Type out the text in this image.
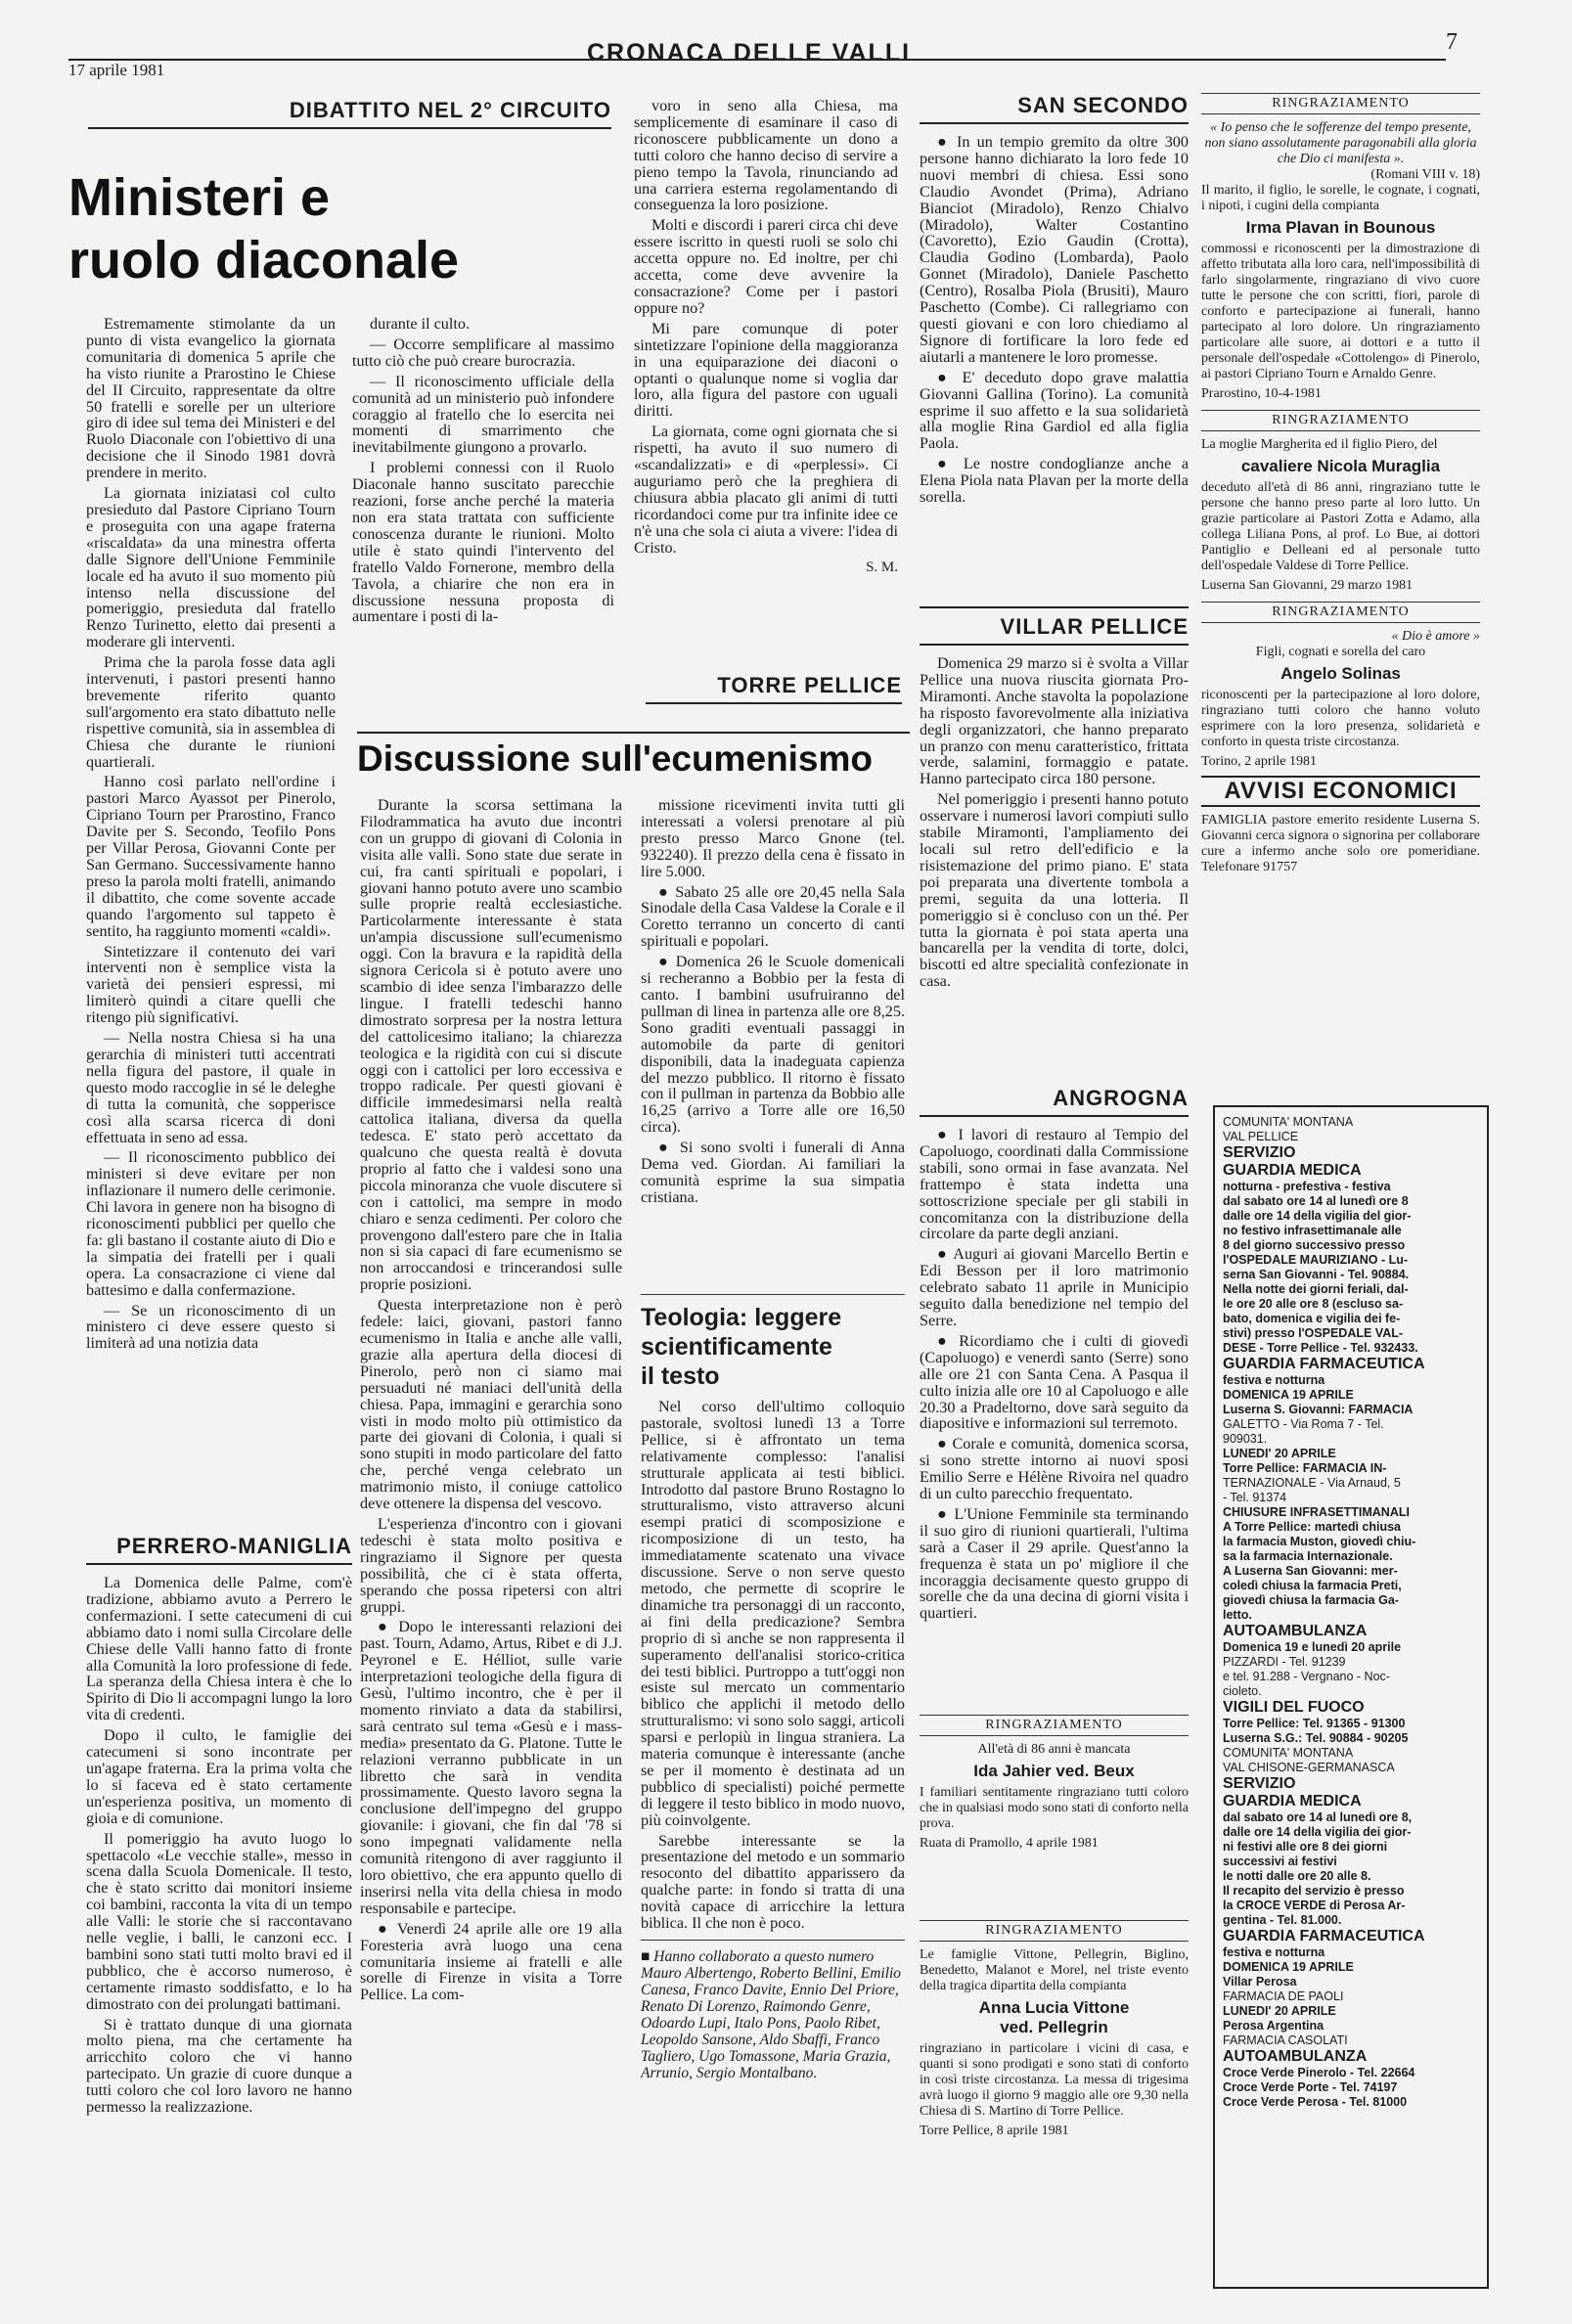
17 aprile 1981
CRONACA DELLE VALLI	7
DIBATTITO NEL 2° CIRCUITO
Ministeri e
ruolo diaconale

Estremamente stimolante da un punto di vista evangelico la giornata comunitaria di domenica 5 aprile che ha visto riunite a Prarostino le Chiese del II Circuito, rappresentate da oltre 50 fratelli e sorelle per un ulteriore giro di idee sul tema dei Ministeri e del Ruolo Diaconale con l'obiettivo di una decisione che il Sinodo 1981 dovrà prendere in merito.

La giornata iniziatasi col culto presieduto dal Pastore Cipriano Tourn e proseguita con una agape fraterna «riscaldata» da una minestra offerta dalle Signore dell'Unione Femminile locale ed ha avuto il suo momento più intenso nella discussione del pomeriggio, presieduta dal fratello Renzo Turinetto, eletto dai presenti a moderare gli interventi.

Prima che la parola fosse data agli intervenuti, i pastori presenti hanno brevemente riferito quanto sull'argomento era stato dibattuto nelle rispettive comunità, sia in assemblea di Chiesa che durante le riunioni quartierali.

Hanno così parlato nell'ordine i pastori Marco Ayassot per Pinerolo, Cipriano Tourn per Prarostino, Franco Davite per S. Secondo, Teofilo Pons per Villar Perosa, Giovanni Conte per San Germano. Successivamente hanno preso la parola molti fratelli, animando il dibattito, che come sovente accade quando l'argomento sul tappeto è sentito, ha raggiunto momenti «caldi».

Sintetizzare il contenuto dei vari interventi non è semplice vista la varietà dei pensieri espressi, mi limiterò quindi a citare quelli che ritengo più significativi.

— Nella nostra Chiesa si ha una gerarchia di ministeri tutti accentrati nella figura del pastore, il quale in questo modo raccoglie in sé le deleghe di tutta la comunità, che sopperisce così alla scarsa ricerca di doni effettuata in seno ad essa.

— Il riconoscimento pubblico dei ministeri si deve evitare per non inflazionare il numero delle cerimonie. Chi lavora in genere non ha bisogno di riconoscimenti pubblici per quello che fa: gli bastano il costante aiuto di Dio e la simpatia dei fratelli per i quali opera. La consacrazione ci viene dal battesimo e dalla confermazione.

— Se un riconoscimento di un ministero ci deve essere questo si limiterà ad una notizia data

durante il culto.

— Occorre semplificare al massimo tutto ciò che può creare burocrazia.

— Il riconoscimento ufficiale della comunità ad un ministerio può infondere coraggio al fratello che lo esercita nei momenti di smarrimento che inevitabilmente giungono a provarlo.

I problemi connessi con il Ruolo Diaconale hanno suscitato parecchie reazioni, forse anche perché la materia non era stata trattata con sufficiente conoscenza durante le riunioni. Molto utile è stato quindi l'intervento del fratello Valdo Fornerone, membro della Tavola, a chiarire che non era in discussione nessuna proposta di aumentare i posti di la-

voro in seno alla Chiesa, ma semplicemente di esaminare il caso di riconoscere pubblicamente un dono a tutti coloro che hanno deciso di servire a pieno tempo la Tavola, rinunciando ad una carriera esterna regolamentando di conseguenza la loro posizione.

Molti e discordi i pareri circa chi deve essere iscritto in questi ruoli se solo chi accetta oppure no. Ed inoltre, per chi accetta, come deve avvenire la consacrazione? Come per i pastori oppure no?

Mi pare comunque di poter sintetizzare l'opinione della maggioranza in una equiparazione dei diaconi o optanti o qualunque nome si voglia dar loro, alla figura del pastore con uguali diritti.

La giornata, come ogni giornata che si rispetti, ha avuto il suo numero di «scandalizzati» e di «perplessi». Ci auguriamo però che la preghiera di chiusura abbia placato gli animi di tutti ricordandoci come pur tra infinite idee ce n'è una che sola ci aiuta a vivere: l'idea di Cristo.

S. M.
PERRERO-MANIGLIA

La Domenica delle Palme, com'è tradizione, abbiamo avuto a Perrero le confermazioni. I sette catecumeni di cui abbiamo dato i nomi sulla Circolare delle Chiese delle Valli hanno fatto di fronte alla Comunità la loro professione di fede. La speranza della Chiesa intera è che lo Spirito di Dio li accompagni lungo la loro vita di credenti.

Dopo il culto, le famiglie dei catecumeni si sono incontrate per un'agape fraterna. Era la prima volta che lo si faceva ed è stato certamente un'esperienza positiva, un momento di gioia e di comunione.

Il pomeriggio ha avuto luogo lo spettacolo «Le vecchie stalle», messo in scena dalla Scuola Domenicale. Il testo, che è stato scritto dai monitori insieme coi bambini, racconta la vita di un tempo alle Valli: le storie che si raccontavano nelle veglie, i balli, le canzoni ecc. I bambini sono stati tutti molto bravi ed il pubblico, che è accorso numeroso, è certamente rimasto soddisfatto, e lo ha dimostrato con dei prolungati battimani.

Si è trattato dunque di una giornata molto piena, ma che certamente ha arricchito coloro che vi hanno partecipato. Un grazie di cuore dunque a tutti coloro che col loro lavoro ne hanno permesso la realizzazione.

TORRE PELLICE
Discussione sull'ecumenismo

Durante la scorsa settimana la Filodrammatica ha avuto due incontri con un gruppo di giovani di Colonia in visita alle valli. Sono state due serate in cui, fra canti spirituali e popolari, i giovani hanno potuto avere uno scambio sulle proprie realtà ecclesiastiche. Particolarmente interessante è stata un'ampia discussione sull'ecumenismo oggi. Con la bravura e la rapidità della signora Cericola si è potuto avere uno scambio di idee senza l'imbarazzo delle lingue. I fratelli tedeschi hanno dimostrato sorpresa per la nostra lettura del cattolicesimo italiano; la chiarezza teologica e la rigidità con cui si discute oggi con i cattolici per loro eccessiva e troppo radicale. Per questi giovani è difficile immedesimarsi nella realtà cattolica italiana, diversa da quella tedesca. E' stato però accettato da qualcuno che questa realtà è dovuta proprio al fatto che i valdesi sono una piccola minoranza che vuole discutere sì con i cattolici, ma sempre in modo chiaro e senza cedimenti. Per coloro che provengono dall'estero pare che in Italia non si sia capaci di fare ecumenismo se non arroccandosi e trincerandosi sulle proprie posizioni.

Questa interpretazione non è però fedele: laici, giovani, pastori fanno ecumenismo in Italia e anche alle valli, grazie alla apertura della diocesi di Pinerolo, però non ci siamo mai persuaduti né maniaci dell'unità della chiesa. Papa, immagini e gerarchia sono visti in modo molto più ottimistico da parte dei giovani di Colonia, i quali si sono stupiti in modo particolare del fatto che, perché venga celebrato un matrimonio misto, il coniuge cattolico deve ottenere la dispensa del vescovo.

L'esperienza d'incontro con i giovani tedeschi è stata molto positiva e ringraziamo il Signore per questa possibilità, che ci è stata offerta, sperando che possa ripetersi con altri gruppi.

● Dopo le interessanti relazioni dei past. Tourn, Adamo, Artus, Ribet e di J.J. Peyronel e E. Hélliot, sulle varie interpretazioni teologiche della figura di Gesù, l'ultimo incontro, che è per il momento rinviato a data da stabilirsi, sarà centrato sul tema «Gesù e i mass-media» presentato da G. Platone. Tutte le relazioni verranno pubblicate in un libretto che sarà in vendita prossimamente. Questo lavoro segna la conclusione dell'impegno del gruppo giovanile: i giovani, che fin dal '78 si sono impegnati validamente nella comunità ritengono di aver raggiunto il loro obiettivo, che era appunto quello di inserirsi nella vita della chiesa in modo responsabile e partecipe.

● Venerdì 24 aprile alle ore 19 alla Foresteria avrà luogo una cena comunitaria insieme ai fratelli e alle sorelle di Firenze in visita a Torre Pellice. La com-

missione ricevimenti invita tutti gli interessati a volersi prenotare al più presto presso Marco Gnone (tel. 932240). Il prezzo della cena è fissato in lire 5.000.

● Sabato 25 alle ore 20,45 nella Sala Sinodale della Casa Valdese la Corale e il Coretto terranno un concerto di canti spirituali e popolari.

● Domenica 26 le Scuole domenicali si recheranno a Bobbio per la festa di canto. I bambini usufruiranno del pullman di linea in partenza alle ore 8,25. Sono graditi eventuali passaggi in automobile da parte di genitori disponibili, data la inadeguata capienza del mezzo pubblico. Il ritorno è fissato con il pullman in partenza da Bobbio alle 16,25 (arrivo a Torre alle ore 16,50 circa).

● Si sono svolti i funerali di Anna Dema ved. Giordan. Ai familiari la comunità esprime la sua simpatia cristiana.

Teologia: leggere
scientificamente
il testo

Nel corso dell'ultimo colloquio pastorale, svoltosi lunedì 13 a Torre Pellice, si è affrontato un tema relativamente complesso: l'analisi strutturale applicata ai testi biblici. Introdotto dal pastore Bruno Rostagno lo strutturalismo, visto attraverso alcuni esempi pratici di scomposizione e ricomposizione di un testo, ha immediatamente scatenato una vivace discussione. Serve o non serve questo metodo, che permette di scoprire le dinamiche tra personaggi di un racconto, ai fini della predicazione? Sembra proprio di sì anche se non rappresenta il superamento dell'analisi storico-critica dei testi biblici. Purtroppo a tutt'oggi non esiste sul mercato un commentario biblico che applichi il metodo dello strutturalismo: vi sono solo saggi, articoli sparsi e perlopiù in lingua straniera. La materia comunque è interessante (anche se per il momento è destinata ad un pubblico di specialisti) poiché permette di leggere il testo biblico in modo nuovo, più coinvolgente.

Sarebbe interessante se la presentazione del metodo e un sommario resoconto del dibattito apparissero da qualche parte: in fondo si tratta di una novità capace di arricchire la lettura biblica. Il che non è poco.

■ Hanno collaborato a questo numero Mauro Albertengo, Roberto Bellini, Emilio Canesa, Franco Davite, Ennio Del Priore, Renato Di Lorenzo, Raimondo Genre, Odoardo Lupi, Italo Pons, Paolo Ribet, Leopoldo Sansone, Aldo Sbaffi, Franco Tagliero, Ugo Tomassone, Maria Grazia, Arrunio, Sergio Montalbano.
SAN SECONDO

● In un tempio gremito da oltre 300 persone hanno dichiarato la loro fede 10 nuovi membri di chiesa. Essi sono Claudio Avondet (Prima), Adriano Bianciot (Miradolo), Renzo Chialvo (Miradolo), Walter Costantino (Cavoretto), Ezio Gaudin (Crotta), Claudia Godino (Lombarda), Paolo Gonnet (Miradolo), Daniele Paschetto (Centro), Rosalba Piola (Brusiti), Mauro Paschetto (Combe). Ci rallegriamo con questi giovani e con loro chiediamo al Signore di fortificare la loro fede ed aiutarli a mantenere le loro promesse.

● E' deceduto dopo grave malattia Giovanni Gallina (Torino). La comunità esprime il suo affetto e la sua solidarietà alla moglie Rina Gardiol ed alla figlia Paola.

● Le nostre condoglianze anche a Elena Piola nata Plavan per la morte della sorella.

VILLAR PELLICE

Domenica 29 marzo si è svolta a Villar Pellice una nuova riuscita giornata Pro-Miramonti. Anche stavolta la popolazione ha risposto favorevolmente alla iniziativa degli organizzatori, che hanno preparato un pranzo con menu caratteristico, frittata verde, salamini, formaggio e patate. Hanno partecipato circa 180 persone.

Nel pomeriggio i presenti hanno potuto osservare i numerosi lavori compiuti sullo stabile Miramonti, l'ampliamento dei locali sul retro dell'edificio e la risistemazione del primo piano. E' stata poi preparata una divertente tombola a premi, seguita da una lotteria. Il pomeriggio si è concluso con un thé. Per tutta la giornata è poi stata aperta una bancarella per la vendita di torte, dolci, biscotti ed altre specialità confezionate in casa.

ANGROGNA

● I lavori di restauro al Tempio del Capoluogo, coordinati dalla Commissione stabili, sono ormai in fase avanzata. Nel frattempo è stata indetta una sottoscrizione speciale per gli stabili in concomitanza con la distribuzione della circolare da parte degli anziani.

● Auguri ai giovani Marcello Bertin e Edi Besson per il loro matrimonio celebrato sabato 11 aprile in Municipio seguito dalla benedizione nel tempio del Serre.

● Ricordiamo che i culti di giovedì (Capoluogo) e venerdì santo (Serre) sono alle ore 21 con Santa Cena. A Pasqua il culto inizia alle ore 10 al Capoluogo e alle 20.30 a Pradeltorno, dove sarà seguito da diapositive e informazioni sul terremoto.

● Corale e comunità, domenica scorsa, si sono strette intorno ai nuovi sposi Emilio Serre e Hélène Rivoira nel quadro di un culto parecchio frequentato.

● L'Unione Femminile sta terminando il suo giro di riunioni quartierali, l'ultima sarà a Caser il 29 aprile. Quest'anno la frequenza è stata un po' migliore il che incoraggia decisamente questo gruppo di sorelle che da una decina di giorni visita i quartieri.

RINGRAZIAMENTO
All'età di 86 anni è mancata
Ida Jahier ved. Beux
I familiari sentitamente ringraziano tutti coloro che in qualsiasi modo sono stati di conforto nella prova.
Ruata di Pramollo, 4 aprile 1981
RINGRAZIAMENTO
Le famiglie Vittone, Pellegrin, Biglino, Benedetto, Malanot e Morel, nel triste evento della tragica dipartita della compianta
Anna Lucia Vittone
ved. Pellegrin
ringraziano in particolare i vicini di casa, e quanti si sono prodigati e sono stati di conforto in così triste circostanza. La messa di trigesima avrà luogo il giorno 9 maggio alle ore 9,30 nella Chiesa di S. Martino di Torre Pellice.
Torre Pellice, 8 aprile 1981
RINGRAZIAMENTO
« Io penso che le sofferenze del tempo presente, non siano assolutamente paragonabili alla gloria che Dio ci manifesta ».
(Romani VIII v. 18)
Il marito, il figlio, le sorelle, le cognate, i cognati, i nipoti, i cugini della compianta
Irma Plavan in Bounous
commossi e riconoscenti per la dimostrazione di affetto tributata alla loro cara, nell'impossibilità di farlo singolarmente, ringraziano di vivo cuore tutte le persone che con scritti, fiori, parole di conforto e partecipazione ai funerali, hanno partecipato al loro dolore. Un ringraziamento particolare alle suore, ai dottori e a tutto il personale dell'ospedale «Cottolengo» di Pinerolo, ai pastori Cipriano Tourn e Arnaldo Genre.
Prarostino, 10-4-1981
RINGRAZIAMENTO
La moglie Margherita ed il figlio Piero, del
cavaliere Nicola Muraglia
deceduto all'età di 86 anni, ringraziano tutte le persone che hanno preso parte al loro lutto. Un grazie particolare ai Pastori Zotta e Adamo, alla collega Liliana Pons, al prof. Lo Bue, ai dottori Pantiglio e Delleani ed al personale tutto dell'ospedale Valdese di Torre Pellice.
Luserna San Giovanni, 29 marzo 1981
RINGRAZIAMENTO
« Dio è amore »
Figli, cognati e sorella del caro
Angelo Solinas
riconoscenti per la partecipazione al loro dolore, ringraziano tutti coloro che hanno voluto esprimere con la loro presenza, solidarietà e conforto in questa triste circostanza.
Torino, 2 aprile 1981
AVVISI ECONOMICI
FAMIGLIA pastore emerito residente Luserna S. Giovanni cerca signora o signorina per collaborare cure a infermo anche solo ore pomeridiane. Telefonare 91757
COMUNITA' MONTANA
VAL PELLICE
SERVIZIO
GUARDIA MEDICA
notturna - prefestiva - festiva
dal sabato ore 14 al lunedì ore 8
dalle ore 14 della vigilia del gior-
no festivo infrasettimanale alle
8 del giorno successivo presso
l'OSPEDALE MAURIZIANO - Lu-
serna San Giovanni - Tel. 90884.
Nella notte dei giorni feriali, dal-
le ore 20 alle ore 8 (escluso sa-
bato, domenica e vigilia dei fe-
stivi) presso l'OSPEDALE VAL-
DESE - Torre Pellice - Tel. 932433.
GUARDIA FARMACEUTICA
festiva e notturna
DOMENICA 19 APRILE
Luserna S. Giovanni: FARMACIA
GALETTO - Via Roma 7 - Tel.
909031.
LUNEDI' 20 APRILE
Torre Pellice: FARMACIA IN-
TERNAZIONALE - Via Arnaud, 5
- Tel. 91374
CHIUSURE INFRASETTIMANALI
A Torre Pellice: martedì chiusa
la farmacia Muston, giovedì chiu-
sa la farmacia Internazionale.
A Luserna San Giovanni: mer-
coledì chiusa la farmacia Preti,
giovedì chiusa la farmacia Ga-
letto.
AUTOAMBULANZA
Domenica 19 e lunedì 20 aprile
PIZZARDI - Tel. 91239
e tel. 91.288 - Vergnano - Noc-
cioleto.
VIGILI DEL FUOCO
Torre Pellice: Tel. 91365 - 91300
Luserna S.G.: Tel. 90884 - 90205
COMUNITA' MONTANA
VAL CHISONE-GERMANASCA
SERVIZIO
GUARDIA MEDICA
dal sabato ore 14 al lunedì ore 8,
dalle ore 14 della vigilia dei gior-
ni festivi alle ore 8 dei giorni
successivi ai festivi
le notti dalle ore 20 alle 8.
Il recapito del servizio è presso
la CROCE VERDE di Perosa Ar-
gentina - Tel. 81.000.
GUARDIA FARMACEUTICA
festiva e notturna
DOMENICA 19 APRILE
Villar Perosa
FARMACIA DE PAOLI
LUNEDI' 20 APRILE
Perosa Argentina
FARMACIA CASOLATI
AUTOAMBULANZA
Croce Verde Pinerolo - Tel. 22664
Croce Verde Porte - Tel. 74197
Croce Verde Perosa - Tel. 81000
